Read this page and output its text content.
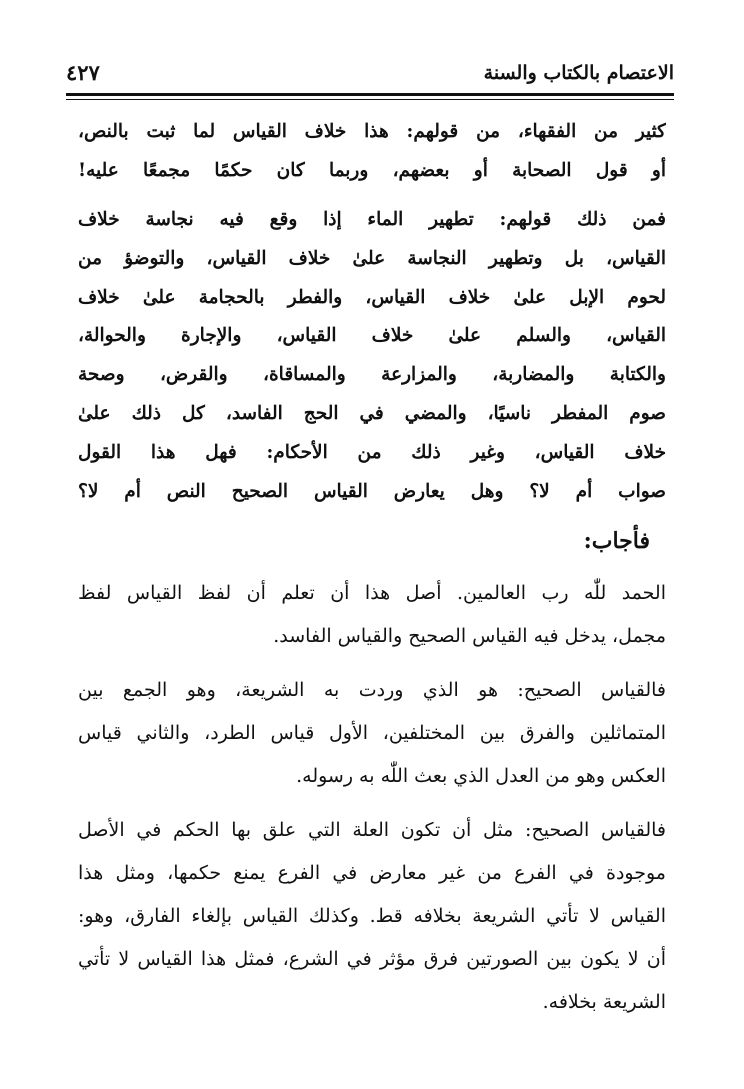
الاعتصام بالكتاب والسنة
٤٢٧
كثير من الفقهاء، من قولهم: هذا خلاف القياس لما ثبت بالنص،
أو قول الصحابة أو بعضهم، وربما كان حكمًا مجمعًا عليه!
فمن ذلك قولهم: تطهير الماء إذا وقع فيه نجاسة خلاف
القياس، بل وتطهير النجاسة علىٰ خلاف القياس، والتوضؤ من
لحوم الإبل علىٰ خلاف القياس، والفطر بالحجامة علىٰ خلاف
القياس، والسلم علىٰ خلاف القياس، والإجارة والحوالة،
والكتابة والمضاربة، والمزارعة والمساقاة، والقرض، وصحة
صوم المفطر ناسيًا، والمضي في الحج الفاسد، كل ذلك علىٰ
خلاف القياس، وغير ذلك من الأحكام: فهل هذا القول
صواب أم لا؟ وهل يعارض القياس الصحيح النص أم لا؟
فأجاب:
الحمد للّٰه رب العالمين. أصل هذا أن تعلم أن لفظ القياس لفظ
مجمل، يدخل فيه القياس الصحيح والقياس الفاسد.
فالقياس الصحيح: هو الذي وردت به الشريعة، وهو الجمع بين
المتماثلين والفرق بين المختلفين، الأول قياس الطرد، والثاني قياس
العكس وهو من العدل الذي بعث اللّٰه به رسوله.
فالقياس الصحيح: مثل أن تكون العلة التي علق بها الحكم في الأصل
موجودة في الفرع من غير معارض في الفرع يمنع حكمها، ومثل هذا
القياس لا تأتي الشريعة بخلافه قط. وكذلك القياس بإلغاء الفارق، وهو:
أن لا يكون بين الصورتين فرق مؤثر في الشرع، فمثل هذا القياس لا تأتي
الشريعة بخلافه.
